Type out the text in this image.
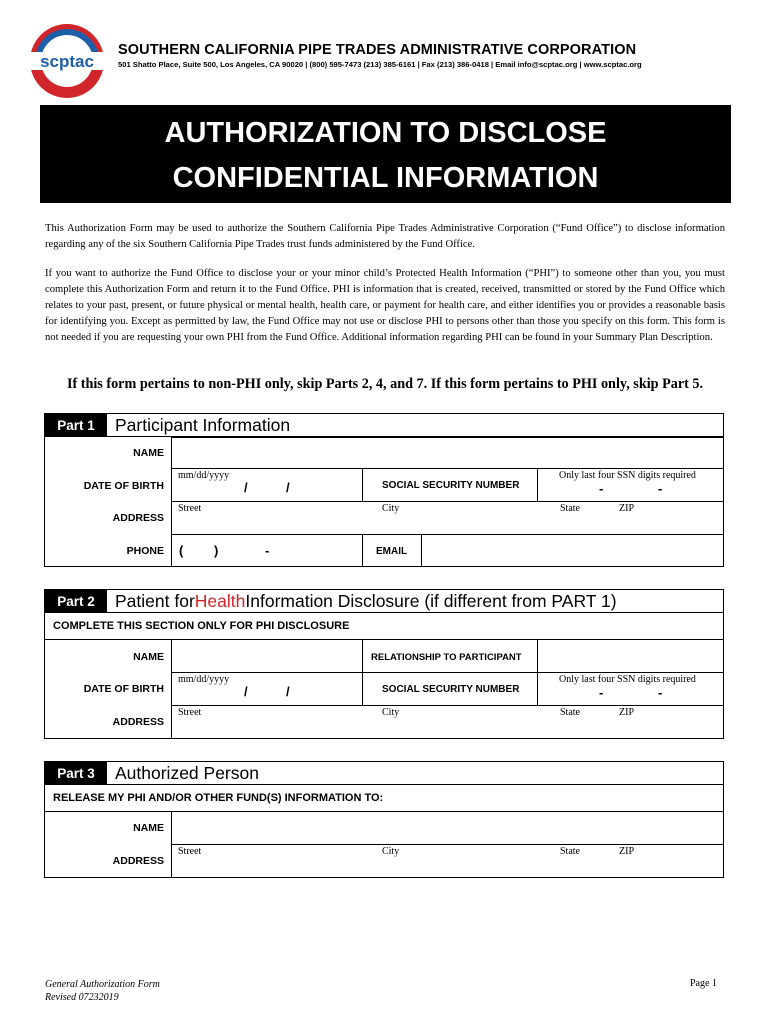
scptac
SOUTHERN CALIFORNIA PIPE TRADES ADMINISTRATIVE CORPORATION
501 Shatto Place, Suite 500, Los Angeles, CA 90020 | (800) 595-7473 (213) 385-6161 | Fax (213) 386-0418 | Email info@scptac.org | www.scptac.org
AUTHORIZATION TO DISCLOSE
CONFIDENTIAL INFORMATION
This Authorization Form may be used to authorize the Southern California Pipe Trades Administrative Corporation (“Fund Office”) to disclose information regarding any of the six Southern California Pipe Trades trust funds administered by the Fund Office.
If you want to authorize the Fund Office to disclose your or your minor child’s Protected Health Information (“PHI”) to someone other than you, you must complete this Authorization Form and return it to the Fund Office. PHI is information that is created, received, transmitted or stored by the Fund Office which relates to your past, present, or future physical or mental health, health care, or payment for health care, and either identifies you or provides a reasonable basis for identifying you. Except as permitted by law, the Fund Office may not use or disclose PHI to persons other than those you specify on this form. This form is not needed if you are requesting your own PHI from the Fund Office. Additional information regarding PHI can be found in your Summary Plan Description.
If this form pertains to non-PHI only, skip Parts 2, 4, and 7. If this form pertains to PHI only, skip Part 5.
Part 1	Participant Information
NAME
DATE OF BIRTH
mm/dd/yyyy
/	/	SOCIAL SECURITY NUMBER
Only last four SSN digits required
-	-
ADDRESS
Street	City	State	ZIP
PHONE ( )	-	EMAIL
Part 2	Patient for Health Information Disclosure (if different from PART 1)
COMPLETE THIS SECTION ONLY FOR PHI DISCLOSURE
NAME	RELATIONSHIP TO PARTICIPANT
DATE OF BIRTH
mm/dd/yyyy
/	/	SOCIAL SECURITY NUMBER
Only last four SSN digits required
-	-
ADDRESS
Street	City	State	ZIP
Part 3	Authorized Person
RELEASE MY PHI AND/OR OTHER FUND(S) INFORMATION TO:
NAME
ADDRESS
Street	City	State	ZIP
General Authorization Form
Revised 07232019
Page 1
